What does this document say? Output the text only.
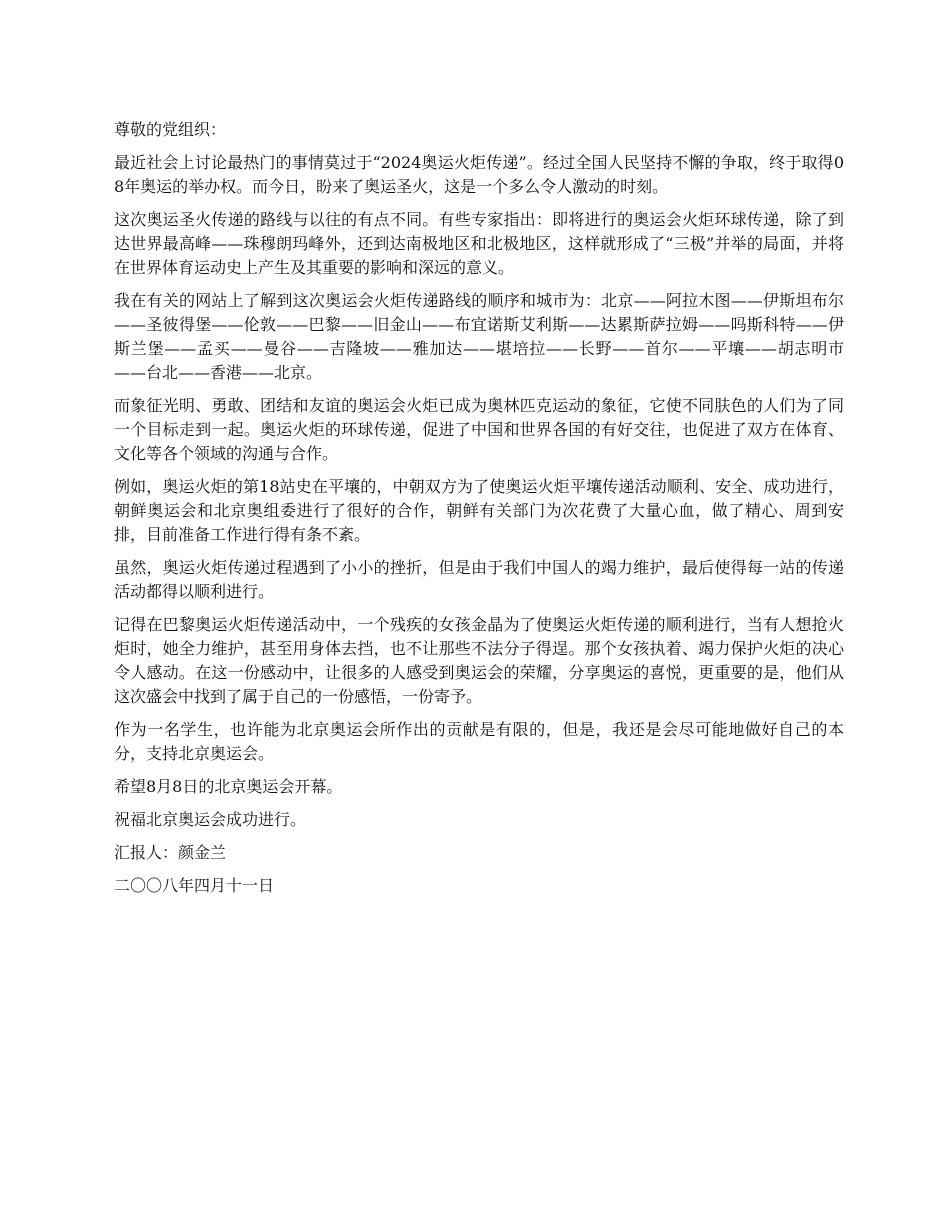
尊敬的党组织：

最近社会上讨论最热门的事情莫过于“2024奥运火炬传递”。经过全国人民坚持不懈的争取，终于取得08年奥运的举办权。而今日，盼来了奥运圣火，这是一个多么令人激动的时刻。

这次奥运圣火传递的路线与以往的有点不同。有些专家指出：即将进行的奥运会火炬环球传递，除了到达世界最高峰——珠穆朗玛峰外，还到达南极地区和北极地区，这样就形成了“三极”并举的局面，并将在世界体育运动史上产生及其重要的影响和深远的意义。

我在有关的网站上了解到这次奥运会火炬传递路线的顺序和城市为：北京——阿拉木图——伊斯坦布尔——圣彼得堡——伦敦——巴黎——旧金山——布宜诺斯艾利斯——达累斯萨拉姆——吗斯科特——伊斯兰堡——孟买——曼谷——吉隆坡——雅加达——堪培拉——长野——首尔——平壤——胡志明市——台北——香港——北京。

而象征光明、勇敢、团结和友谊的奥运会火炬已成为奥林匹克运动的象征，它使不同肤色的人们为了同一个目标走到一起。奥运火炬的环球传递，促进了中国和世界各国的有好交往，也促进了双方在体育、文化等各个领域的沟通与合作。

例如，奥运火炬的第18站史在平壤的，中朝双方为了使奥运火炬平壤传递活动顺利、安全、成功进行，朝鲜奥运会和北京奥组委进行了很好的合作，朝鲜有关部门为次花费了大量心血，做了精心、周到安排，目前准备工作进行得有条不紊。

虽然，奥运火炬传递过程遇到了小小的挫折，但是由于我们中国人的竭力维护，最后使得每一站的传递活动都得以顺利进行。

记得在巴黎奥运火炬传递活动中，一个残疾的女孩金晶为了使奥运火炬传递的顺利进行，当有人想抢火炬时，她全力维护，甚至用身体去挡，也不让那些不法分子得逞。那个女孩执着、竭力保护火炬的决心令人感动。在这一份感动中，让很多的人感受到奥运会的荣耀，分享奥运的喜悦，更重要的是，他们从这次盛会中找到了属于自己的一份感悟，一份寄予。

作为一名学生，也许能为北京奥运会所作出的贡献是有限的，但是，我还是会尽可能地做好自己的本分，支持北京奥运会。

希望8月8日的北京奥运会开幕。

祝福北京奥运会成功进行。

汇报人：颜金兰

二〇〇八年四月十一日
